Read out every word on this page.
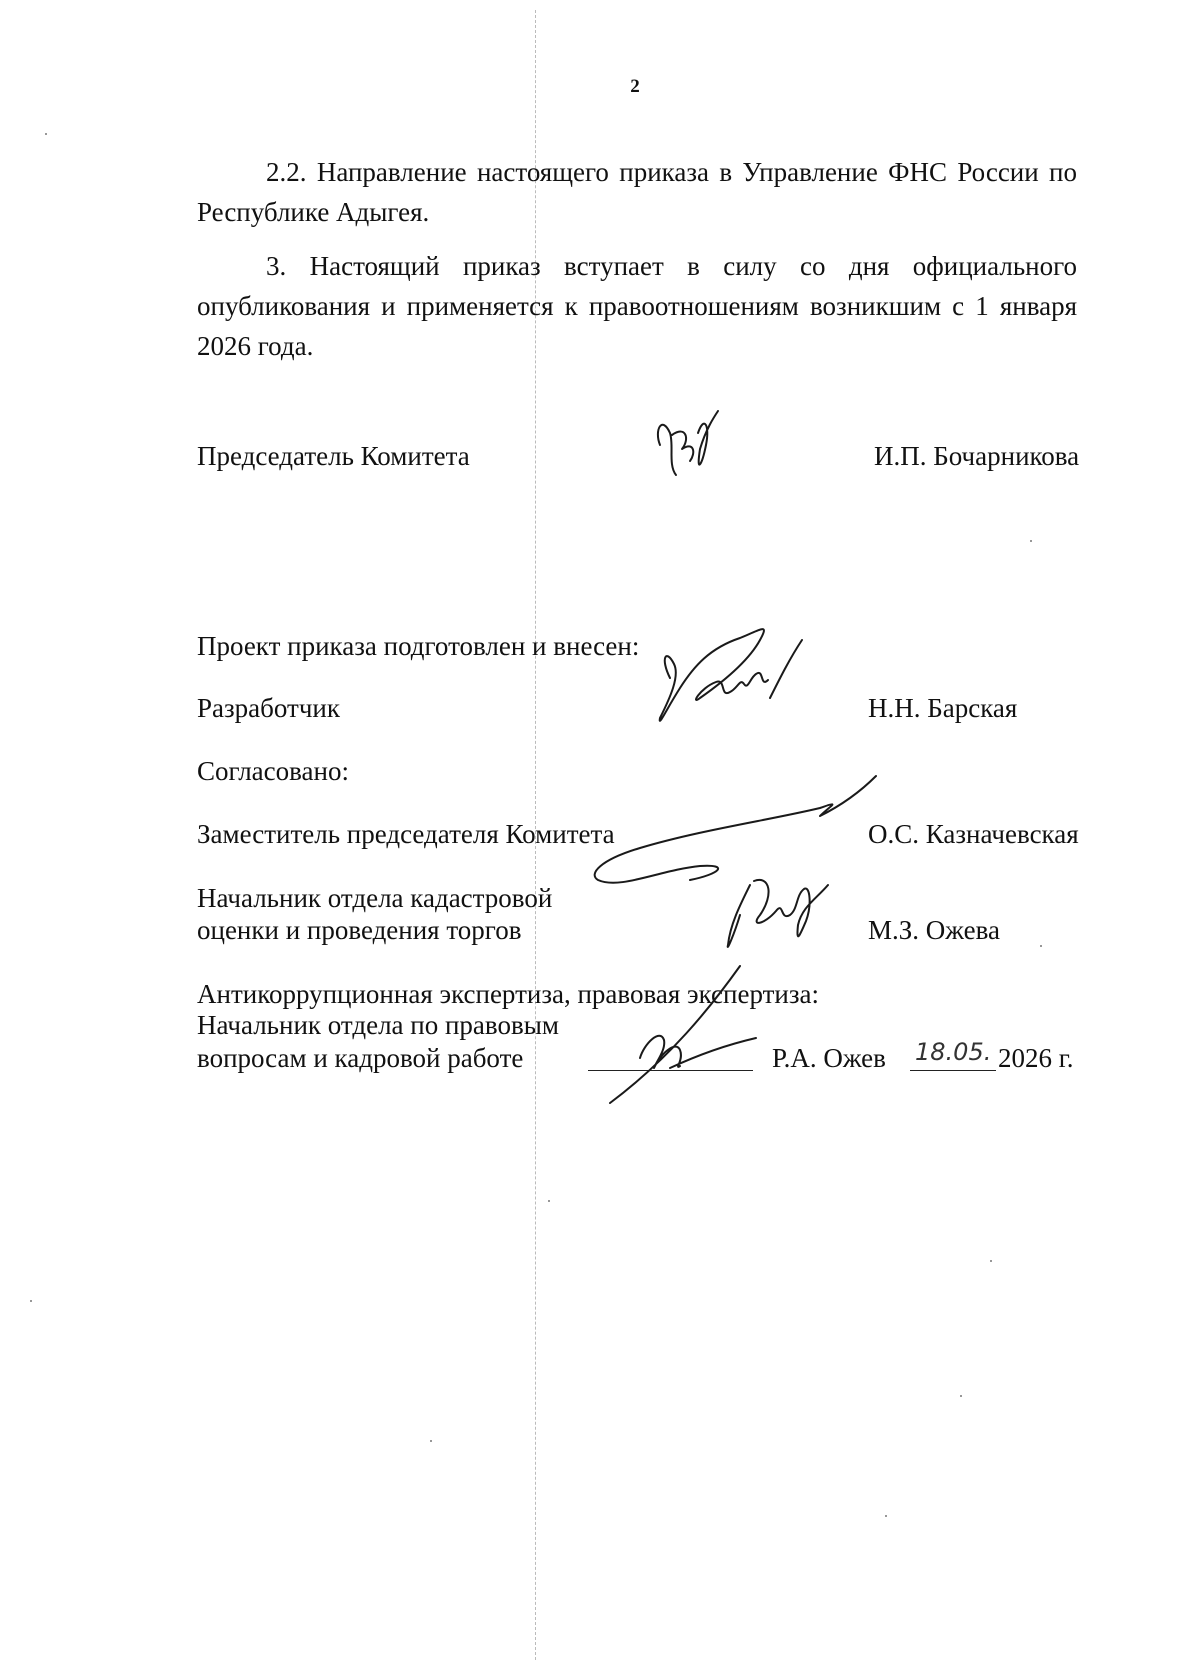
2
2.2. Направление настоящего приказа в Управление ФНС России по Республике Адыгея.
3. Настоящий приказ вступает в силу со дня официального опубликования и применяется к правоотношениям возникшим с 1 января 2026 года.
Председатель Комитета	И.П. Бочарникова
Проект приказа подготовлен и внесен:
Разработчик	Н.Н. Барская
Согласовано:
Заместитель председателя Комитета	О.С. Казначевская
Начальник отдела кадастровой
оценки и проведения торгов	М.З. Ожева
Антикоррупционная экспертиза, правовая экспертиза:
Начальник отдела по правовым
вопросам и кадровой работе	Р.А. Ожев 18.05. 2026 г.
